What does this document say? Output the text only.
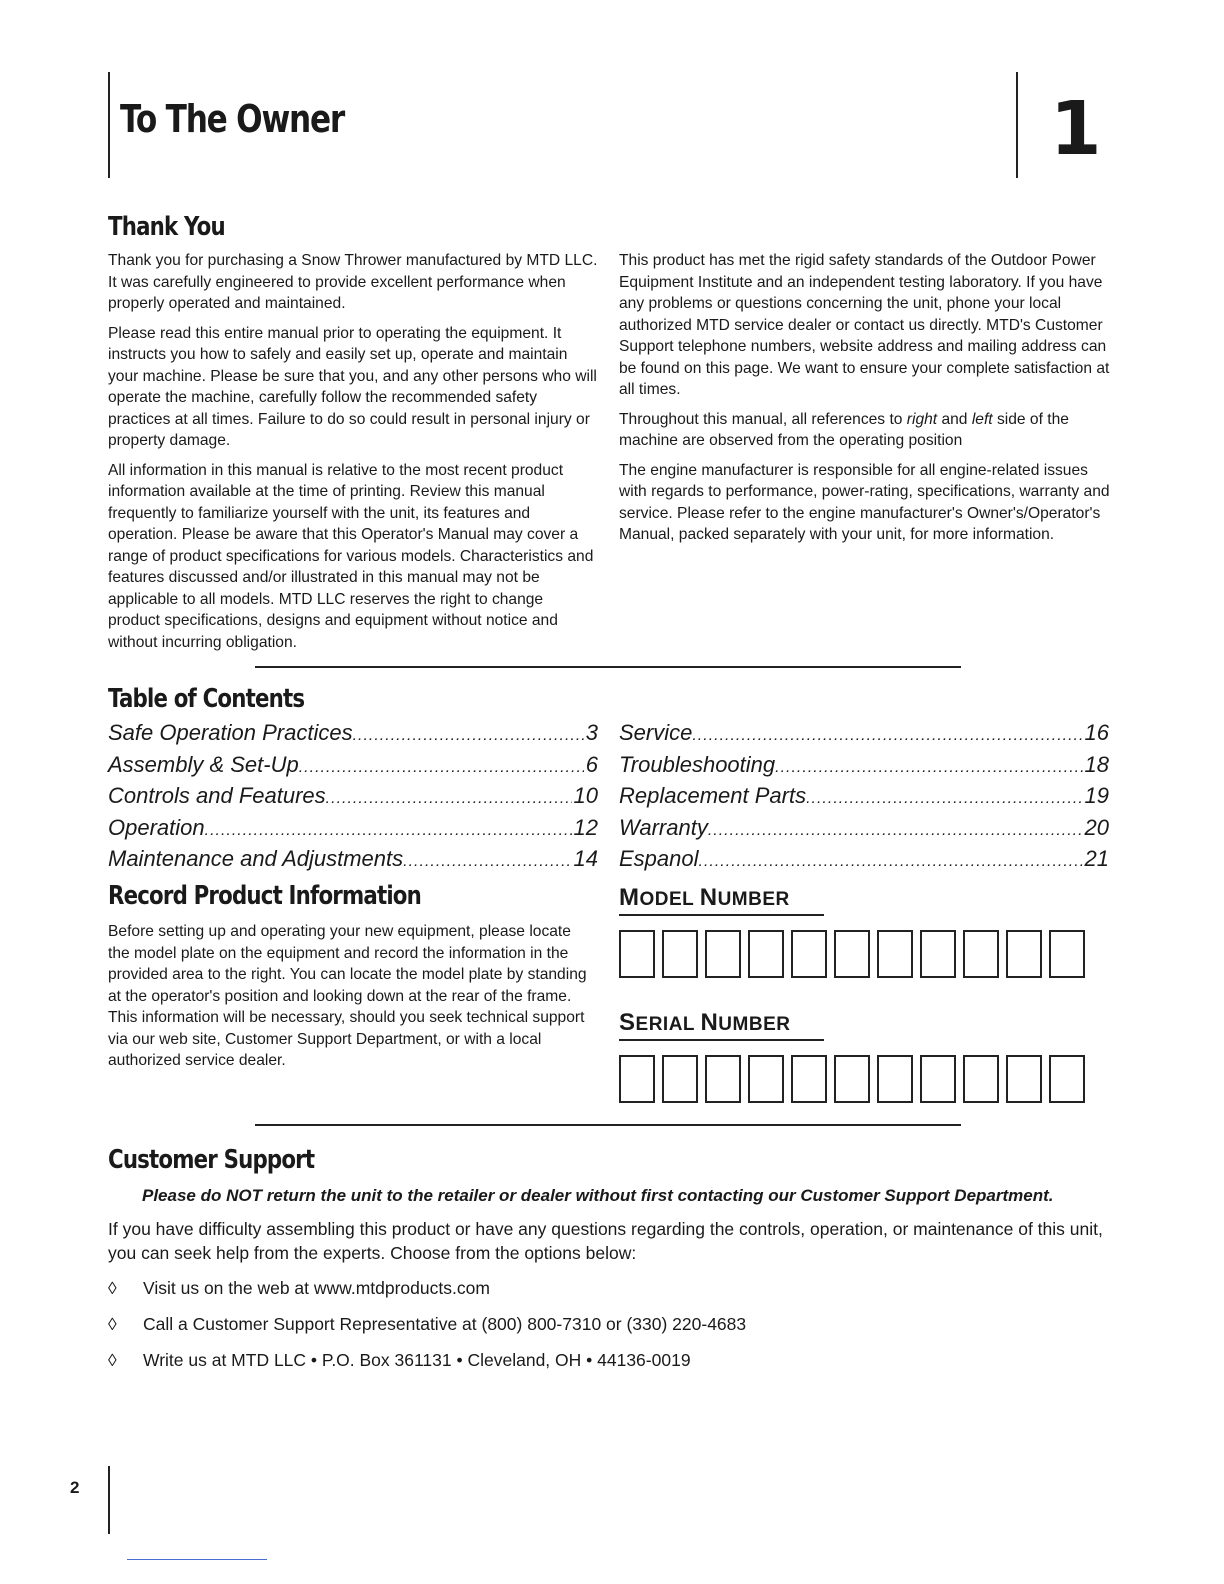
To The Owner	1
Thank You

Thank you for purchasing a Snow Thrower manufactured by MTD LLC. It was carefully engineered to provide excellent performance when properly operated and maintained.

Please read this entire manual prior to operating the equipment. It instructs you how to safely and easily set up, operate and maintain your machine. Please be sure that you, and any other persons who will operate the machine, carefully follow the recommended safety practices at all times. Failure to do so could result in personal injury or property damage.

All information in this manual is relative to the most recent product information available at the time of printing. Review this manual frequently to familiarize yourself with the unit, its features and operation. Please be aware that this Operator's Manual may cover a range of product specifications for various models. Characteristics and features discussed and/or illustrated in this manual may not be applicable to all models. MTD LLC reserves the right to change product specifications, designs and equipment without notice and without incurring obligation.

This product has met the rigid safety standards of the Outdoor Power Equipment Institute and an independent testing laboratory. If you have any problems or questions concerning the unit, phone your local authorized MTD service dealer or contact us directly. MTD's Customer Support telephone numbers, website address and mailing address can be found on this page. We want to ensure your complete satisfaction at all times.

Throughout this manual, all references to right and left side of the machine are observed from the operating position

The engine manufacturer is responsible for all engine-related issues with regards to performance, power-rating, specifications, warranty and service. Please refer to the engine manufacturer's Owner's/Operator's Manual, packed separately with your unit, for more information.

Table of Contents
Safe Operation Practices .....	3
Assembly & Set-Up .....	6
Controls and Features .....	10
Operation .....	12
Maintenance and Adjustments .....	14
Service .....	16
Troubleshooting .....	18
Replacement Parts .....	19
Warranty .....	20
Espanol .....	21
Record Product Information
Before setting up and operating your new equipment, please locate the model plate on the equipment and record the information in the provided area to the right. You can locate the model plate by standing at the operator's position and looking down at the rear of the frame. This information will be necessary, should you seek technical support via our web site, Customer Support Department, or with a local authorized service dealer.
MODEL NUMBER
SERIAL NUMBER
Customer Support
Please do NOT return the unit to the retailer or dealer without first contacting our Customer Support Department.
If you have difficulty assembling this product or have any questions regarding the controls, operation, or maintenance of this unit, you can seek help from the experts. Choose from the options below:
◊ Visit us on the web at www.mtdproducts.com
◊ Call a Customer Support Representative at (800) 800-7310 or (330) 220-4683
◊ Write us at MTD LLC • P.O. Box 361131 • Cleveland, OH • 44136-0019
2
